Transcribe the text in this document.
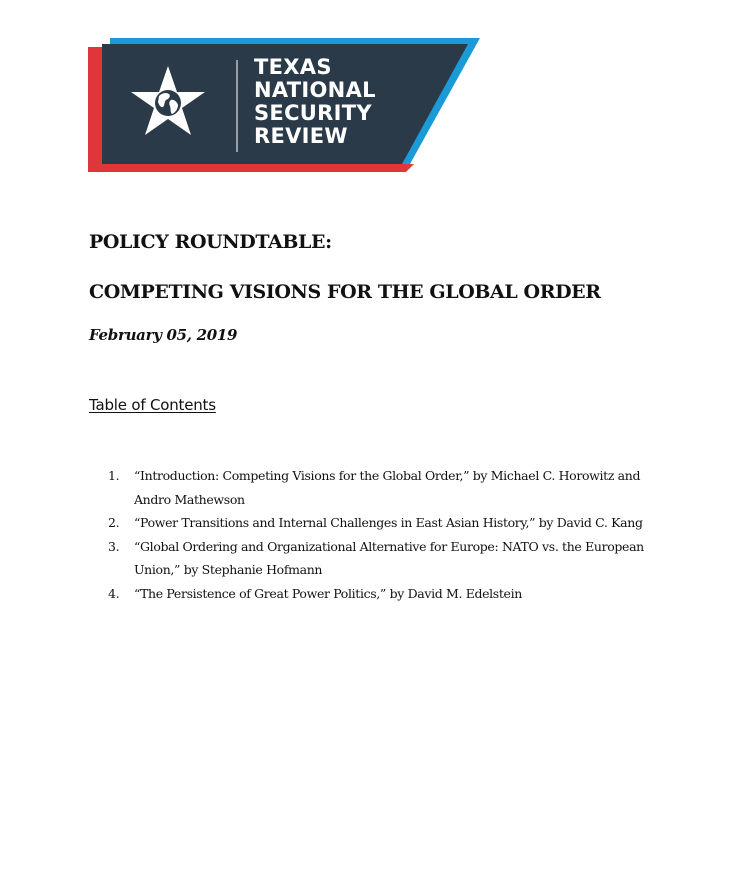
TEXAS
NATIONAL
SECURITY
REVIEW
POLICY ROUNDTABLE:
COMPETING VISIONS FOR THE GLOBAL ORDER
February 05, 2019
Table of Contents
1.	“Introduction: Competing Visions for the Global Order,” by Michael C. Horowitz and Andro Mathewson
2.	“Power Transitions and Internal Challenges in East Asian History,” by David C. Kang
3.	“Global Ordering and Organizational Alternative for Europe: NATO vs. the European Union,” by Stephanie Hofmann
4.	“The Persistence of Great Power Politics,” by David M. Edelstein
